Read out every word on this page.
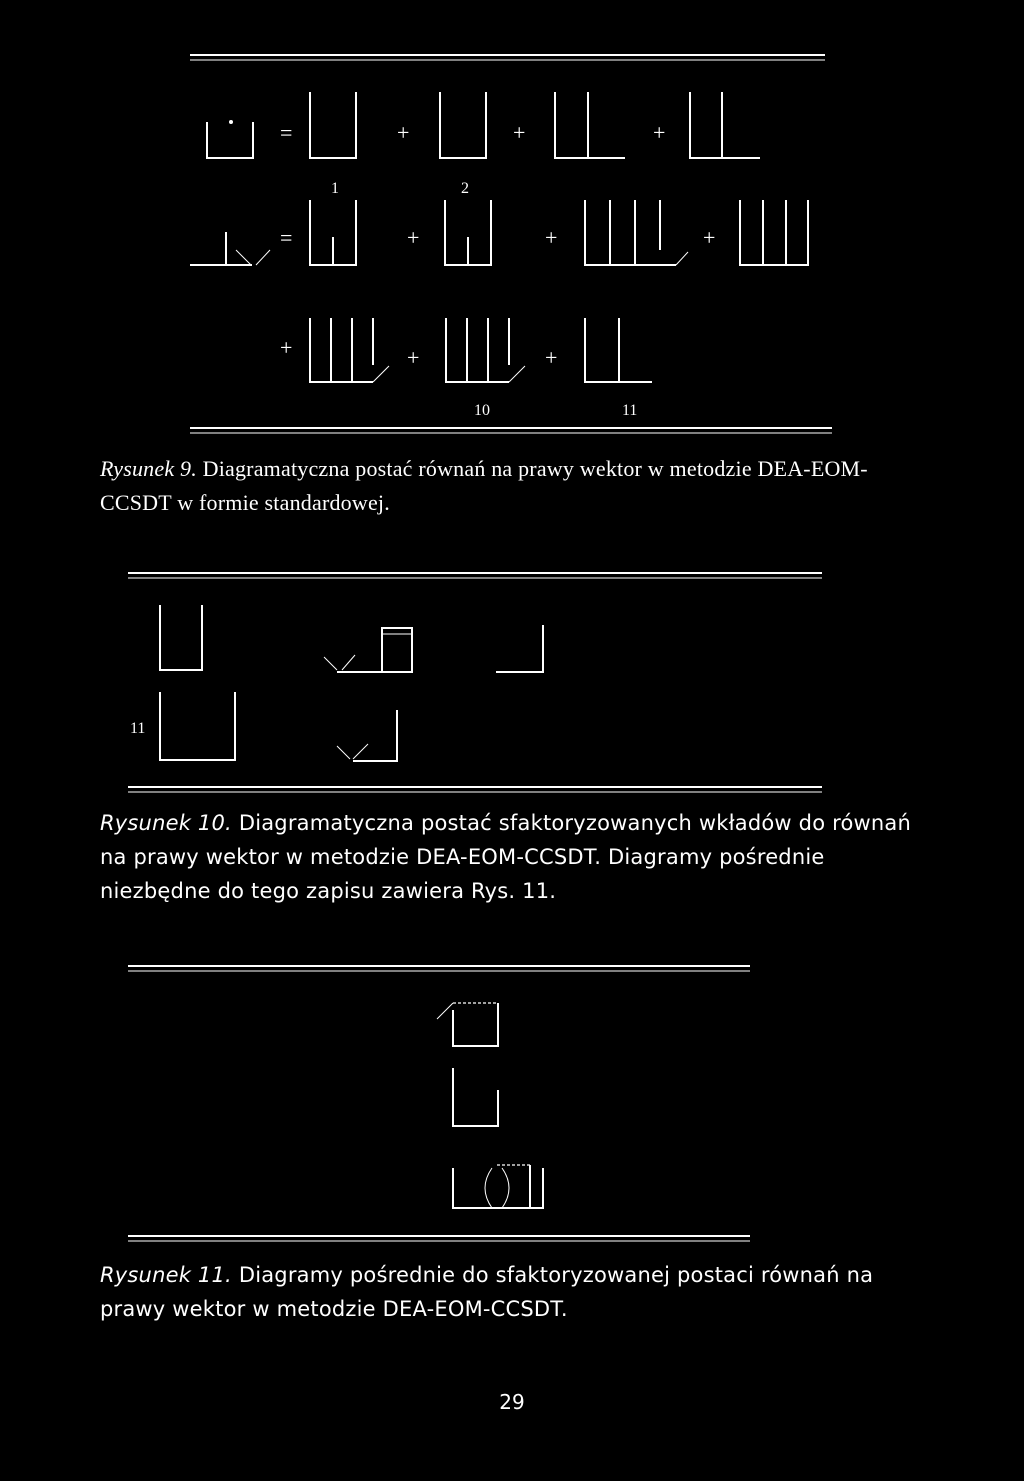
=	+	+	+
1	2
=	+	+	+
+	+	+
10	11
11
Rysunek 9. Diagramatyczna postać równań na prawy wektor w metodzie DEA-EOM-CCSDT w formie standardowej.
Rysunek 10. Diagramatyczna postać sfaktoryzowanych wkładów do równań na prawy wektor w metodzie DEA-EOM-CCSDT. Diagramy pośrednie niezbędne do tego zapisu zawiera Rys. 11.
Rysunek 11. Diagramy pośrednie do sfaktoryzowanej postaci równań na prawy wektor w metodzie DEA-EOM-CCSDT.
29
